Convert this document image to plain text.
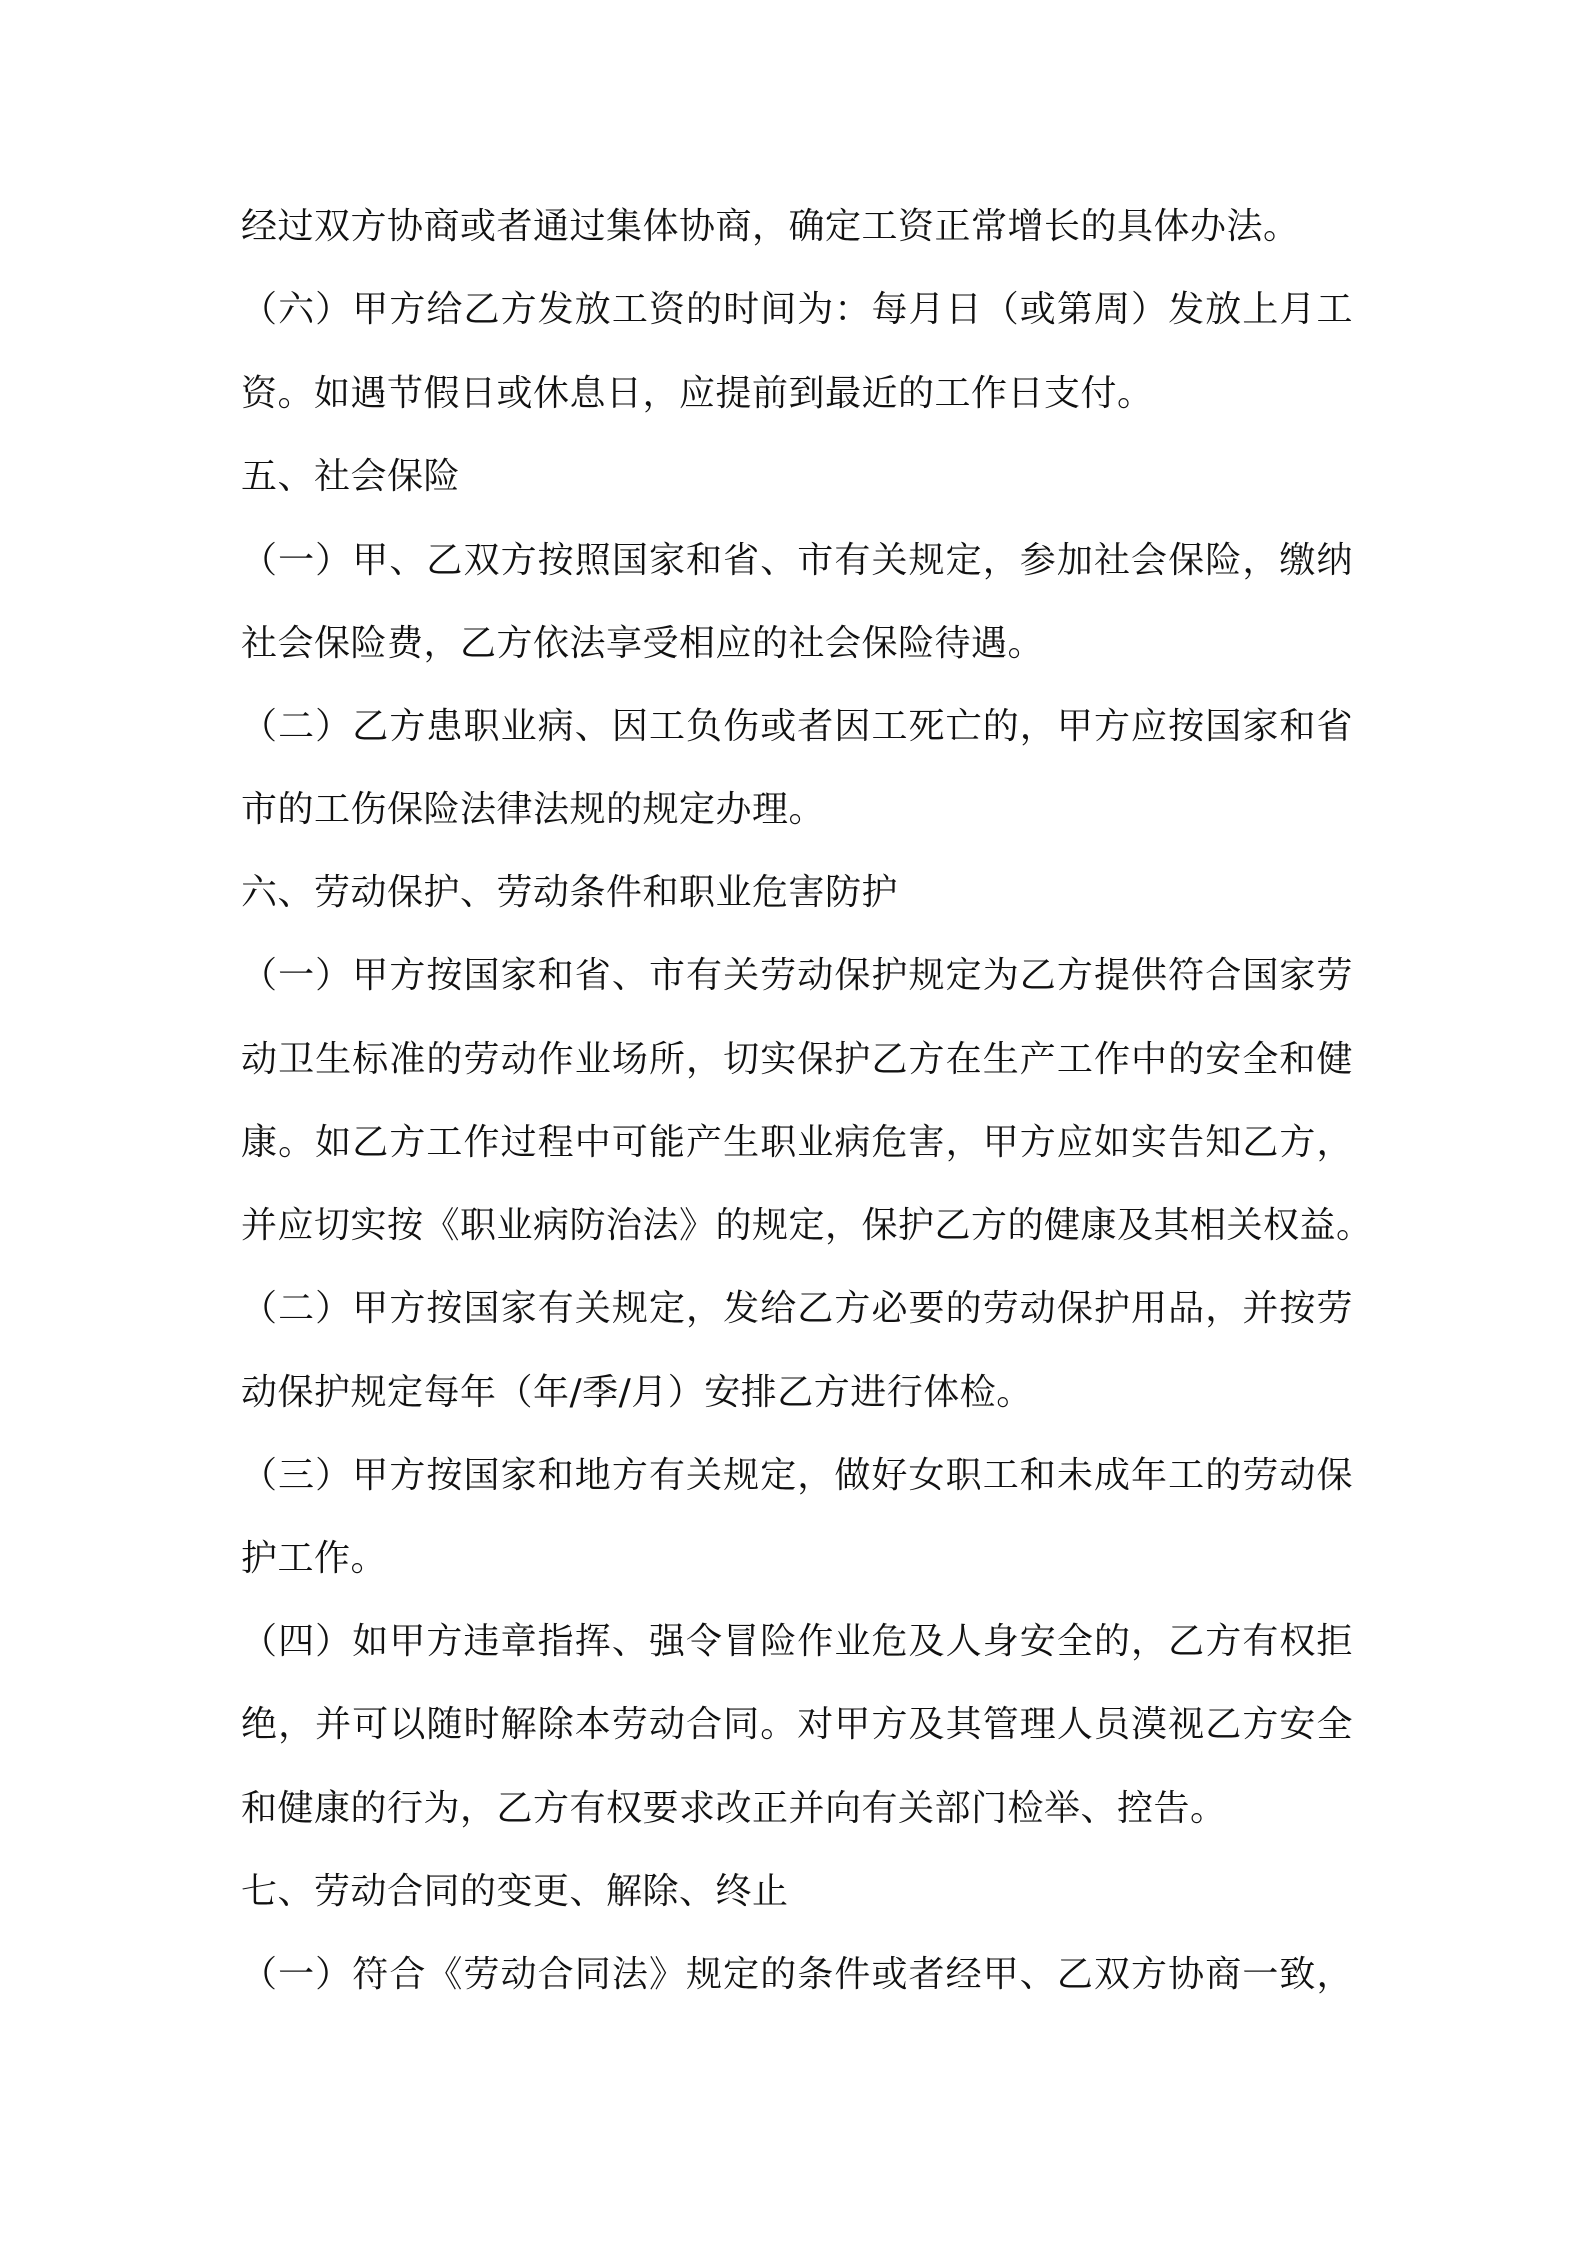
经过双方协商或者通过集体协商，确定工资正常增长的具体办法。
（六）甲方给乙方发放工资的时间为：每月日（或第周）发放上月工
资。如遇节假日或休息日，应提前到最近的工作日支付。
五、社会保险
（一）甲、乙双方按照国家和省、市有关规定，参加社会保险，缴纳
社会保险费，乙方依法享受相应的社会保险待遇。
（二）乙方患职业病、因工负伤或者因工死亡的，甲方应按国家和省
市的工伤保险法律法规的规定办理。
六、劳动保护、劳动条件和职业危害防护
（一）甲方按国家和省、市有关劳动保护规定为乙方提供符合国家劳
动卫生标准的劳动作业场所，切实保护乙方在生产工作中的安全和健
康。如乙方工作过程中可能产生职业病危害，甲方应如实告知乙方，
并应切实按《职业病防治法》的规定，保护乙方的健康及其相关权益。
（二）甲方按国家有关规定，发给乙方必要的劳动保护用品，并按劳
动保护规定每年（年/季/月）安排乙方进行体检。
（三）甲方按国家和地方有关规定，做好女职工和未成年工的劳动保
护工作。
（四）如甲方违章指挥、强令冒险作业危及人身安全的，乙方有权拒
绝，并可以随时解除本劳动合同。对甲方及其管理人员漠视乙方安全
和健康的行为，乙方有权要求改正并向有关部门检举、控告。
七、劳动合同的变更、解除、终止
（一）符合《劳动合同法》规定的条件或者经甲、乙双方协商一致，
